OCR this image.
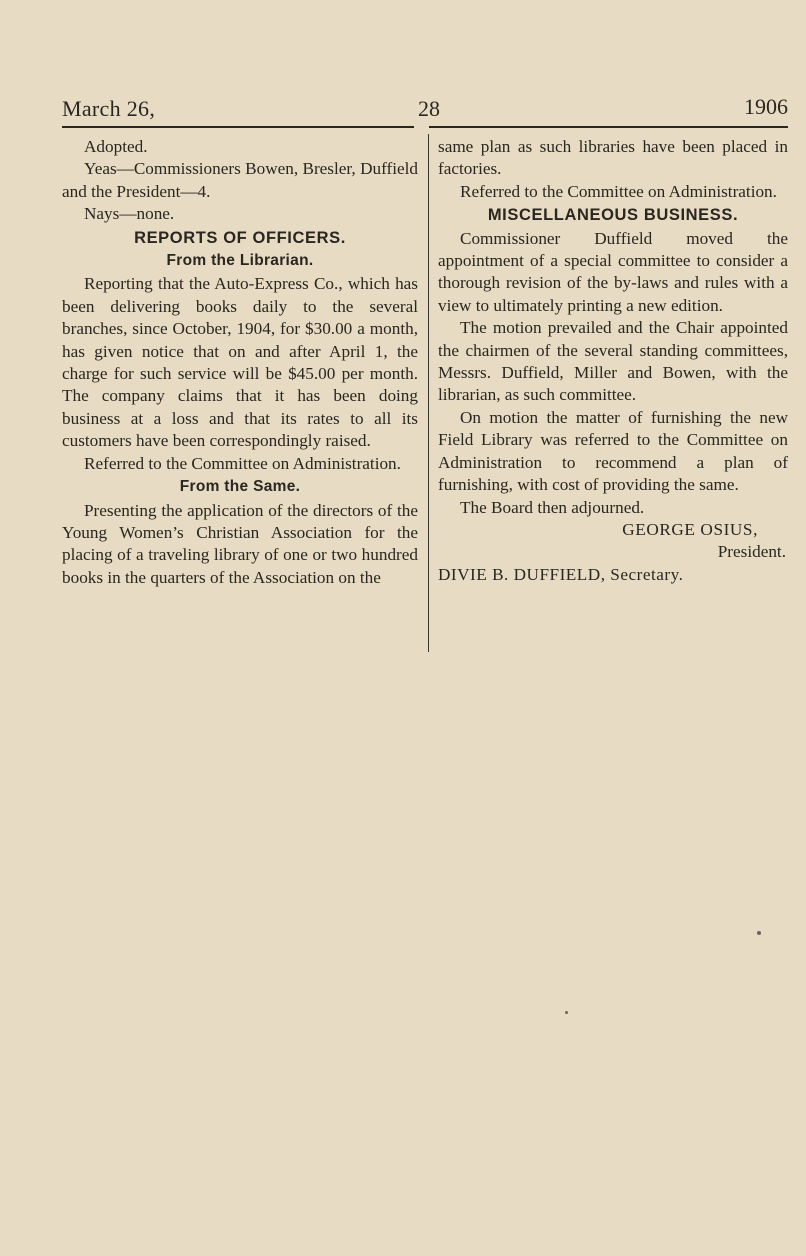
March 26,	28	1906

Adopted.

Yeas—Commissioners Bowen, Bresler, Duffield and the President—4.

Nays—none.

REPORTS OF OFFICERS.
From the Librarian.

Reporting that the Auto-Express Co., which has been delivering books daily to the several branches, since October, 1904, for $30.00 a month, has given notice that on and after April 1, the charge for such service will be $45.00 per month. The company claims that it has been doing business at a loss and that its rates to all its customers have been correspondingly raised.

Referred to the Committee on Administration.

From the Same.

Presenting the application of the directors of the Young Women’s Christian Association for the placing of a traveling library of one or two hundred books in the quarters of the Association on the

same plan as such libraries have been placed in factories.

Referred to the Committee on Administration.

MISCELLANEOUS BUSINESS.

Commissioner Duffield moved the appointment of a special committee to consider a thorough revision of the by-laws and rules with a view to ultimately printing a new edition.

The motion prevailed and the Chair appointed the chairmen of the several standing committees, Messrs. Duffield, Miller and Bowen, with the librarian, as such committee.

On motion the matter of furnishing the new Field Library was referred to the Committee on Administration to recommend a plan of furnishing, with cost of providing the same.

The Board then adjourned.

GEORGE OSIUS,
President.
DIVIE B. DUFFIELD, Secretary.
